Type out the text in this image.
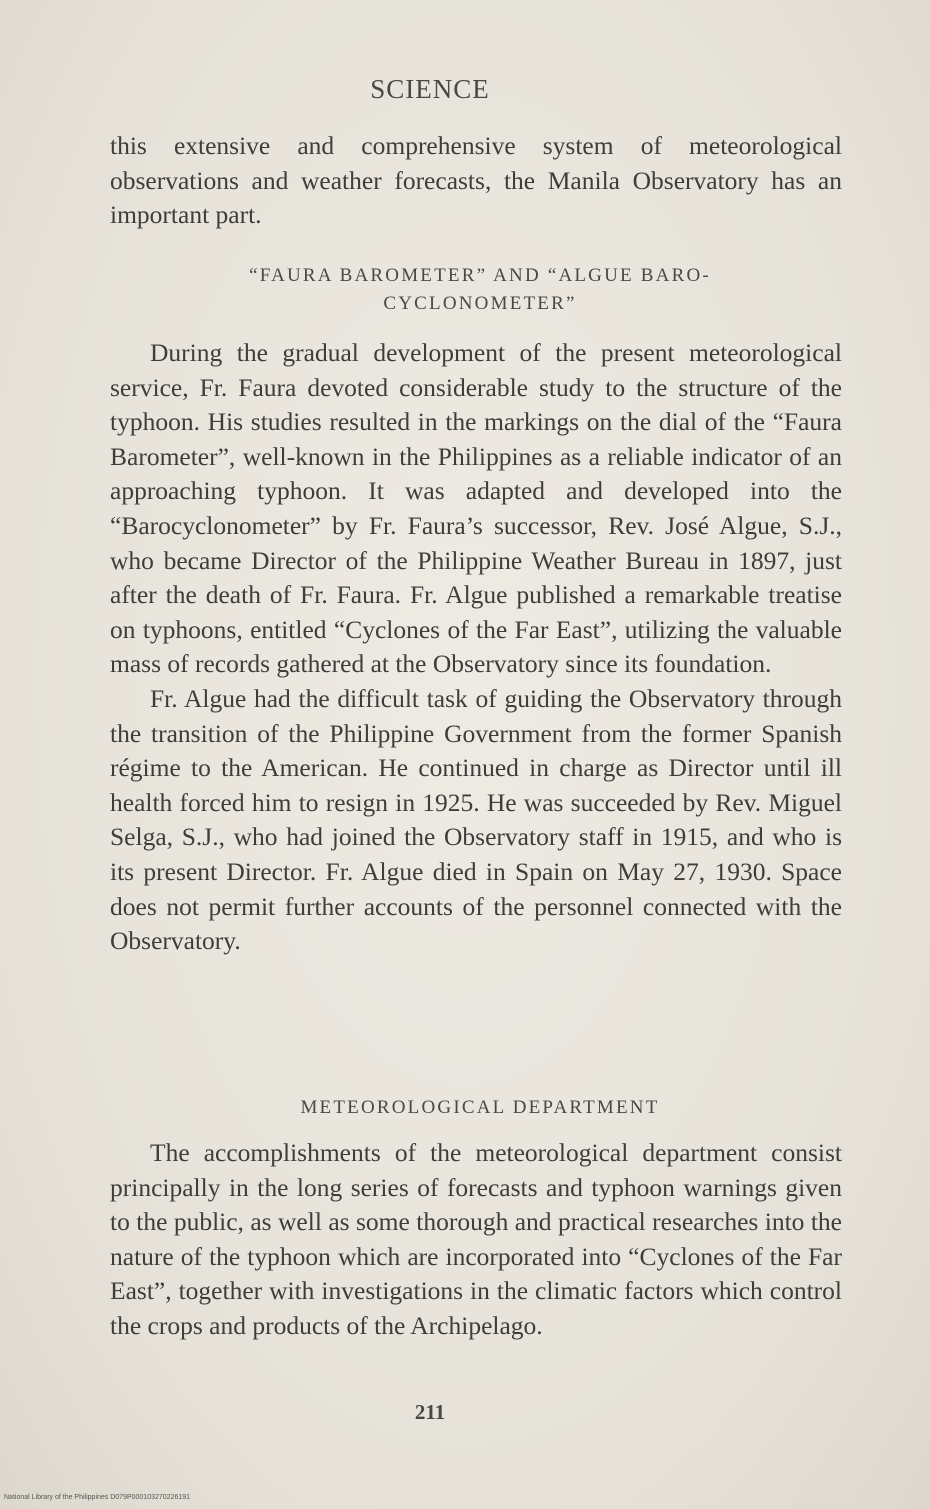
SCIENCE

this extensive and comprehensive system of meteorological observations and weather forecasts, the Manila Observatory has an important part.

“FAURA BAROMETER” AND “ALGUE BARO-
CYCLONOMETER”

During the gradual development of the present meteorological service, Fr. Faura devoted considerable study to the structure of the typhoon. His studies resulted in the markings on the dial of the “Faura Barometer”, well-known in the Philippines as a reliable indicator of an approaching typhoon. It was adapted and developed into the “Barocyclonometer” by Fr. Faura’s successor, Rev. José Algue, S.J., who became Director of the Philippine Weather Bureau in 1897, just after the death of Fr. Faura. Fr. Algue published a remarkable treatise on typhoons, entitled “Cyclones of the Far East”, utilizing the valuable mass of records gathered at the Observatory since its foundation.

Fr. Algue had the difficult task of guiding the Observatory through the transition of the Philippine Government from the former Spanish régime to the American. He continued in charge as Director until ill health forced him to resign in 1925. He was succeeded by Rev. Miguel Selga, S.J., who had joined the Observatory staff in 1915, and who is its present Director. Fr. Algue died in Spain on May 27, 1930. Space does not permit further accounts of the personnel connected with the Observatory.

METEOROLOGICAL DEPARTMENT

The accomplishments of the meteorological department consist principally in the long series of forecasts and typhoon warnings given to the public, as well as some thorough and practical researches into the nature of the typhoon which are incorporated into “Cyclones of the Far East”, together with investigations in the climatic factors which control the crops and products of the Archipelago.

211
National Library of the Philippines D079P000103270226191
